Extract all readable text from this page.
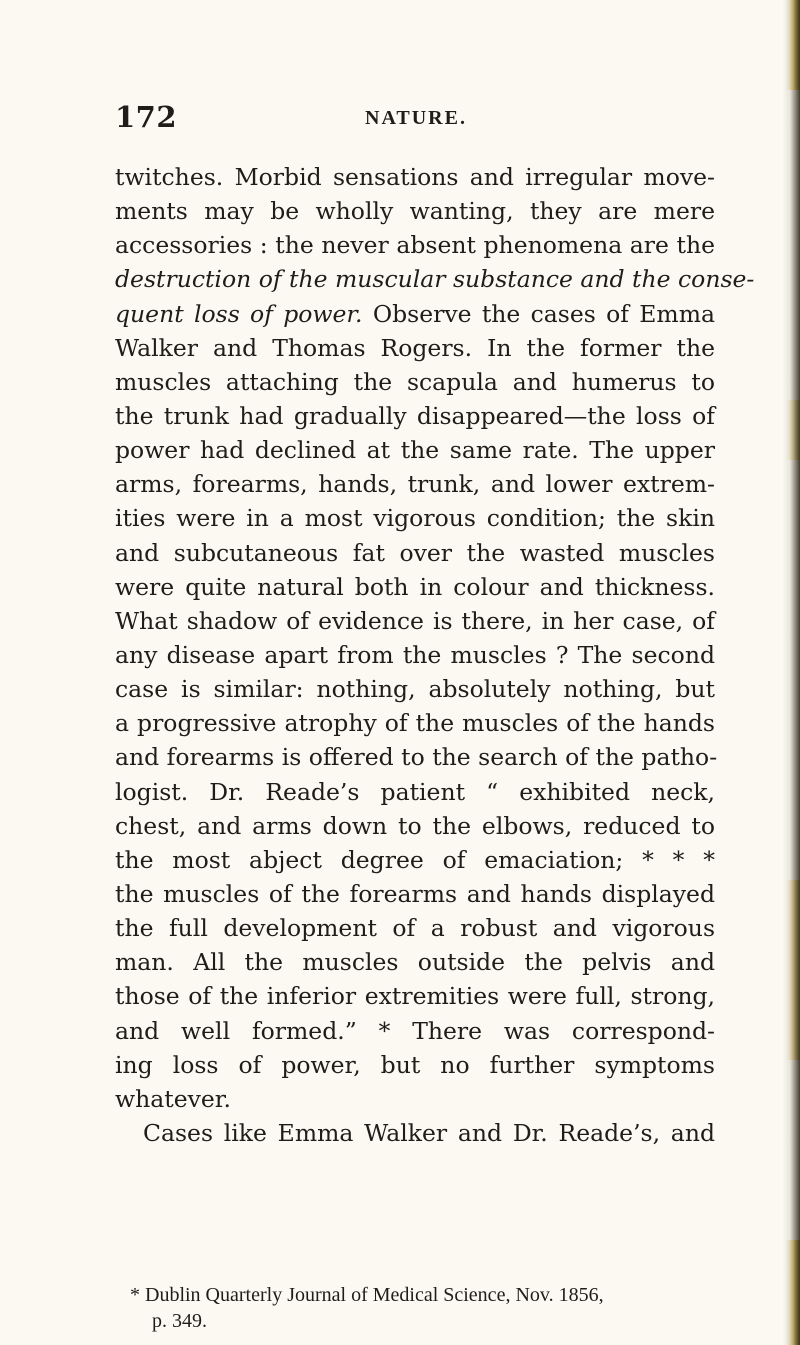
172	NATURE.
twitches. Morbid sensations and irregular move-
ments may be wholly wanting, they are mere
accessories : the never absent phenomena are the
destruction of the muscular substance and the conse-
quent loss of power. Observe the cases of Emma
Walker and Thomas Rogers. In the former the
muscles attaching the scapula and humerus to
the trunk had gradually disappeared—the loss of
power had declined at the same rate. The upper
arms, forearms, hands, trunk, and lower extrem-
ities were in a most vigorous condition; the skin
and subcutaneous fat over the wasted muscles
were quite natural both in colour and thickness.
What shadow of evidence is there, in her case, of
any disease apart from the muscles ? The second
case is similar: nothing, absolutely nothing, but
a progressive atrophy of the muscles of the hands
and forearms is offered to the search of the patho-
logist. Dr. Reade’s patient “ exhibited neck,
chest, and arms down to the elbows, reduced to
the most abject degree of emaciation; * * *
the muscles of the forearms and hands displayed
the full development of a robust and vigorous
man. All the muscles outside the pelvis and
those of the inferior extremities were full, strong,
and well formed.” * There was correspond-
ing loss of power, but no further symptoms
whatever.
Cases like Emma Walker and Dr. Reade’s, and
* Dublin Quarterly Journal of Medical Science, Nov. 1856,
p. 349.
